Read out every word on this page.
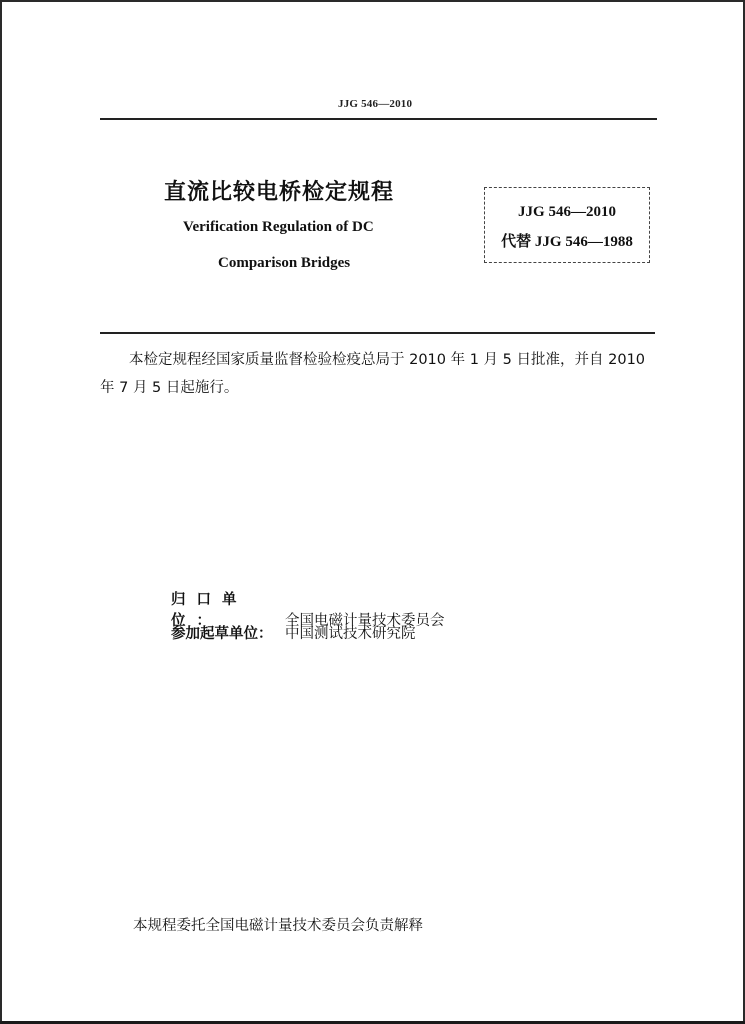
JJG 546—2010
直流比较电桥检定规程
Verification Regulation of DC
Comparison Bridges
JJG 546—2010
代替 JJG 546—1988
本检定规程经国家质量监督检验检疫总局于 2010 年 1 月 5 日批准，并自 2010 年 7 月 5 日起施行。
归口单位：	全国电磁计量技术委员会
参加起草单位： 中国测试技术研究院
本规程委托全国电磁计量技术委员会负责解释
